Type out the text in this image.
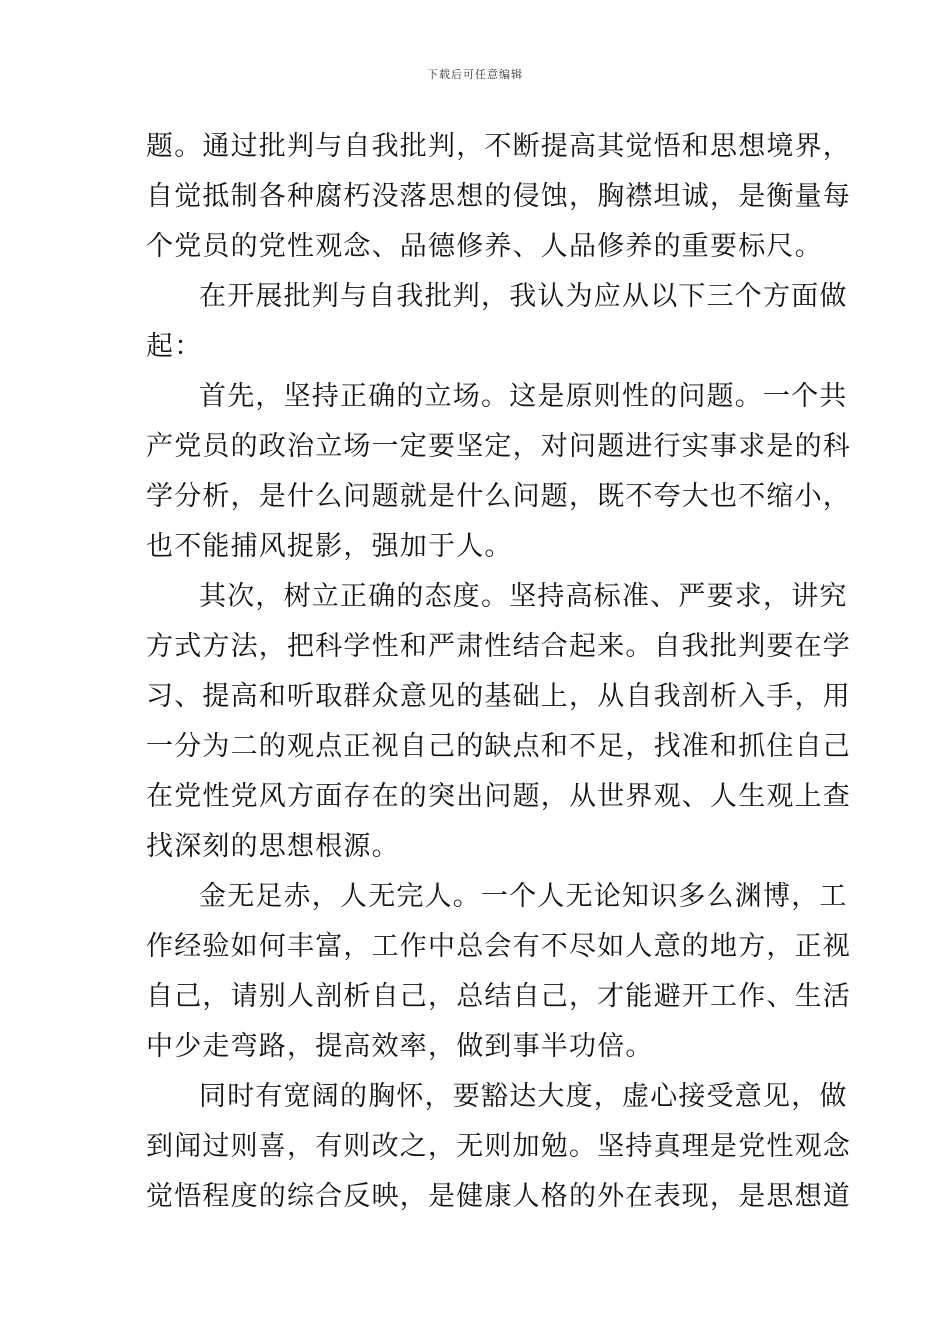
下载后可任意编辑
题。通过批判与自我批判，不断提高其觉悟和思想境界，
自觉抵制各种腐朽没落思想的侵蚀，胸襟坦诚，是衡量每
个党员的党性观念、品德修养、人品修养的重要标尺。
在开展批判与自我批判，我认为应从以下三个方面做
起：
首先，坚持正确的立场。这是原则性的问题。一个共
产党员的政治立场一定要坚定，对问题进行实事求是的科
学分析，是什么问题就是什么问题，既不夸大也不缩小，
也不能捕风捉影，强加于人。
其次，树立正确的态度。坚持高标准、严要求，讲究
方式方法，把科学性和严肃性结合起来。自我批判要在学
习、提高和听取群众意见的基础上，从自我剖析入手，用
一分为二的观点正视自己的缺点和不足，找准和抓住自己
在党性党风方面存在的突出问题，从世界观、人生观上查
找深刻的思想根源。
金无足赤，人无完人。一个人无论知识多么渊博，工
作经验如何丰富，工作中总会有不尽如人意的地方，正视
自己，请别人剖析自己，总结自己，才能避开工作、生活
中少走弯路，提高效率，做到事半功倍。
同时有宽阔的胸怀，要豁达大度，虚心接受意见，做
到闻过则喜，有则改之，无则加勉。坚持真理是党性观念
觉悟程度的综合反映，是健康人格的外在表现，是思想道
